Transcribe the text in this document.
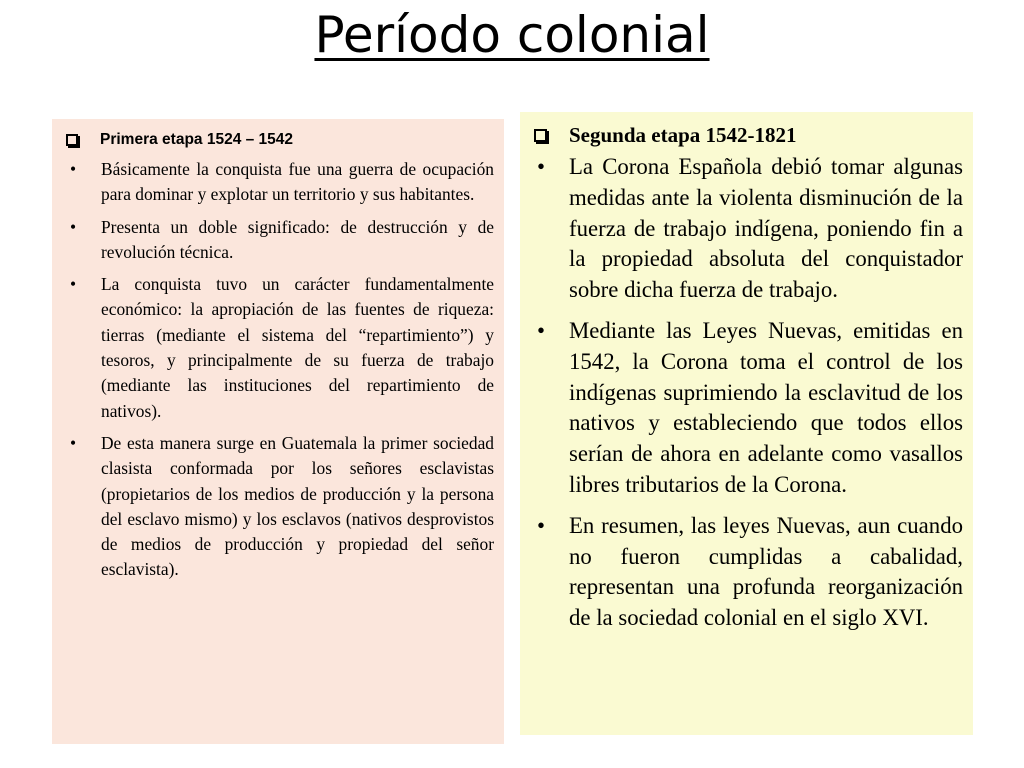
Período colonial
Primera etapa 1524 – 1542
• Básicamente la conquista fue una guerra de ocupación para dominar y explotar un territorio y sus habitantes.
• Presenta un doble significado: de destrucción y de revolución técnica.
• La conquista tuvo un carácter fundamentalmente económico: la apropiación de las fuentes de riqueza: tierras (mediante el sistema del “repartimiento”) y tesoros, y principalmente de su fuerza de trabajo (mediante las instituciones del repartimiento de nativos).
• De esta manera surge en Guatemala la primer sociedad clasista conformada por los señores esclavistas (propietarios de los medios de producción y la persona del esclavo mismo) y los esclavos (nativos desprovistos de medios de producción y propiedad del señor esclavista).
Segunda etapa 1542-1821
• La Corona Española debió tomar algunas medidas ante la violenta disminución de la fuerza de trabajo indígena, poniendo fin a la propiedad absoluta del conquistador sobre dicha fuerza de trabajo.
• Mediante las Leyes Nuevas, emitidas en 1542, la Corona toma el control de los indígenas suprimiendo la esclavitud de los nativos y estableciendo que todos ellos serían de ahora en adelante como vasallos libres tributarios de la Corona.
• En resumen, las leyes Nuevas, aun cuando no fueron cumplidas a cabalidad, representan una profunda reorganización de la sociedad colonial en el siglo XVI.
